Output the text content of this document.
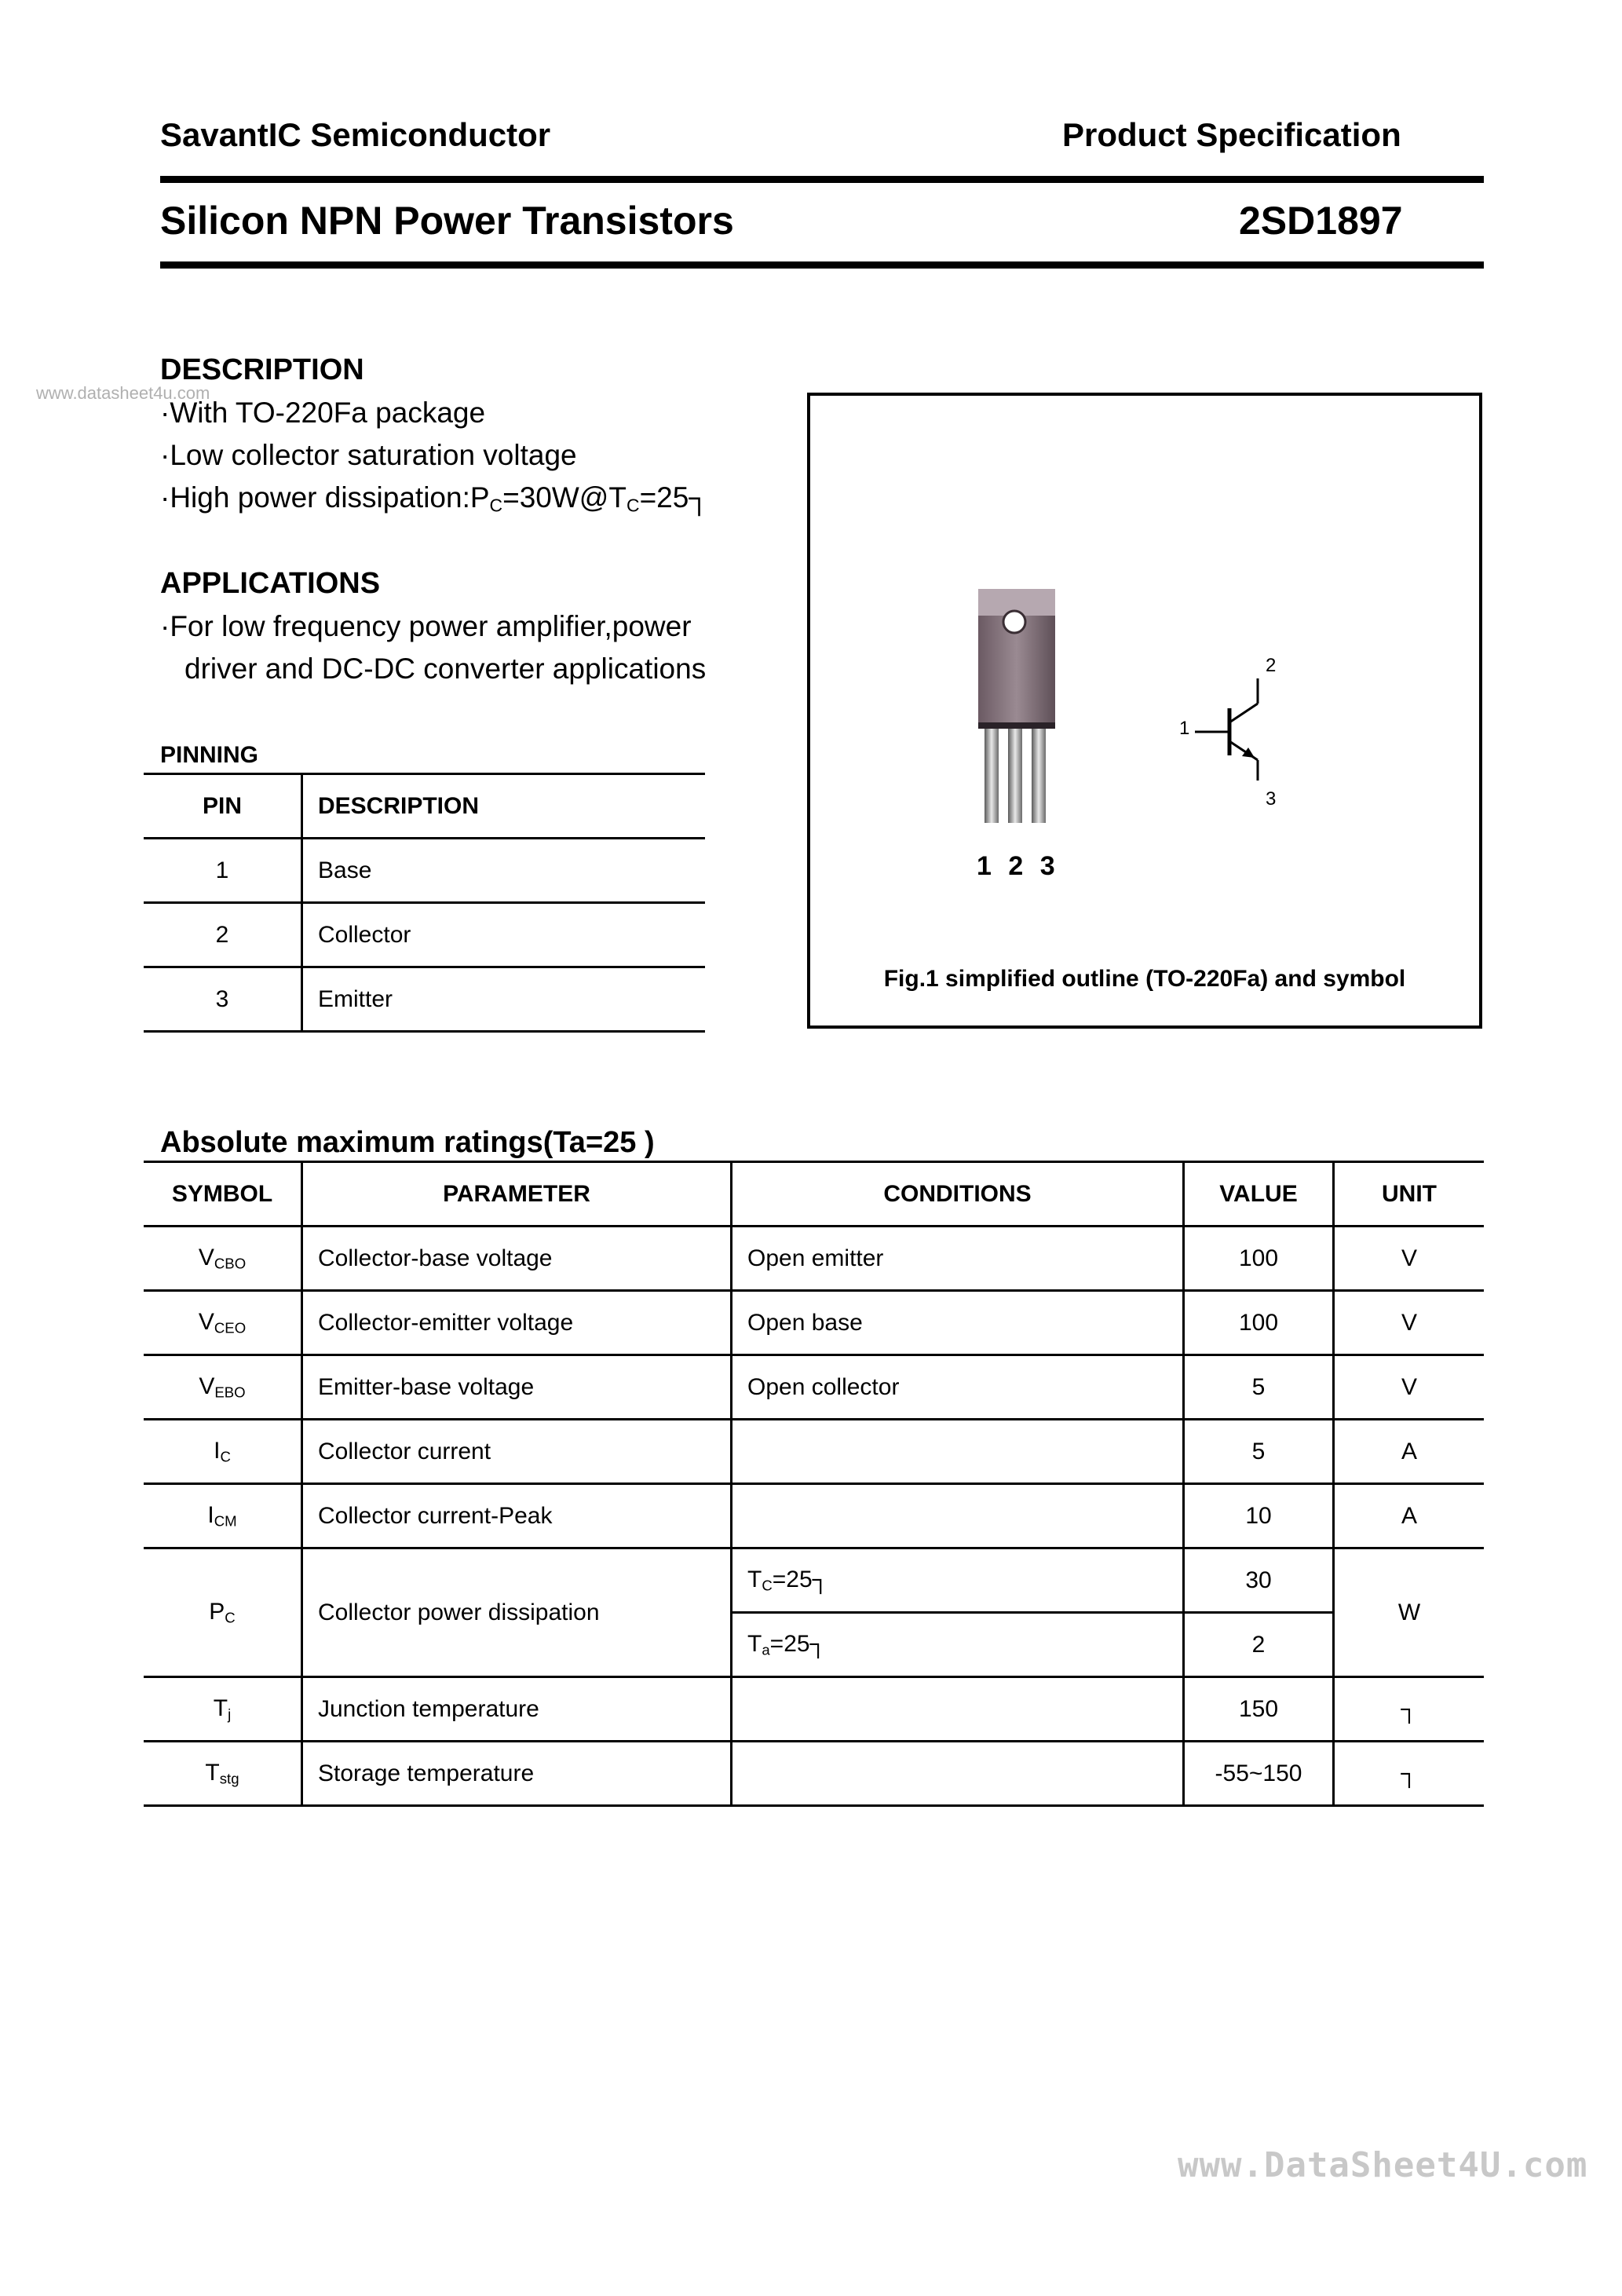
SavantIC Semiconductor	Product Specification
Silicon NPN Power Transistors	2SD1897
www.datasheet4u.com
DESCRIPTION
·With TO-220Fa package
·Low collector saturation voltage
·High power $dissipation:P_C=30W@T_C=25┐$
APPLICATIONS
·For low frequency power amplifier,power
driver and DC-DC converter applications
PINNING
PIN	DESCRIPTION
1	Base
2	Collector
3	Emitter
1 2 3
1
2
3
Fig.1 simplified outline (TO-220Fa) and symbol
Absolute maximum ratings(Ta=25 )
SYMBOL	PARAMETER	CONDITIONS	VALUE	UNIT
$V_{CBO}$	Collector-base voltage	Open emitter	100	V
$V_{CEO}$	Collector-emitter voltage	Open base	100	V
$V_{EBO}$	Emitter-base voltage	Open collector	5	V
$I_C$	Collector current		5	A
$I_{CM}$	Collector current-Peak		10	A
$P_C$	Collector power dissipation	$T_C=25┐$	30	W
		$T_a=25┐$	2	
$T_j$	Junction temperature		150	┐
$T_{stg}$	Storage temperature		-55~150	┐
www.DataSheet4U.com
